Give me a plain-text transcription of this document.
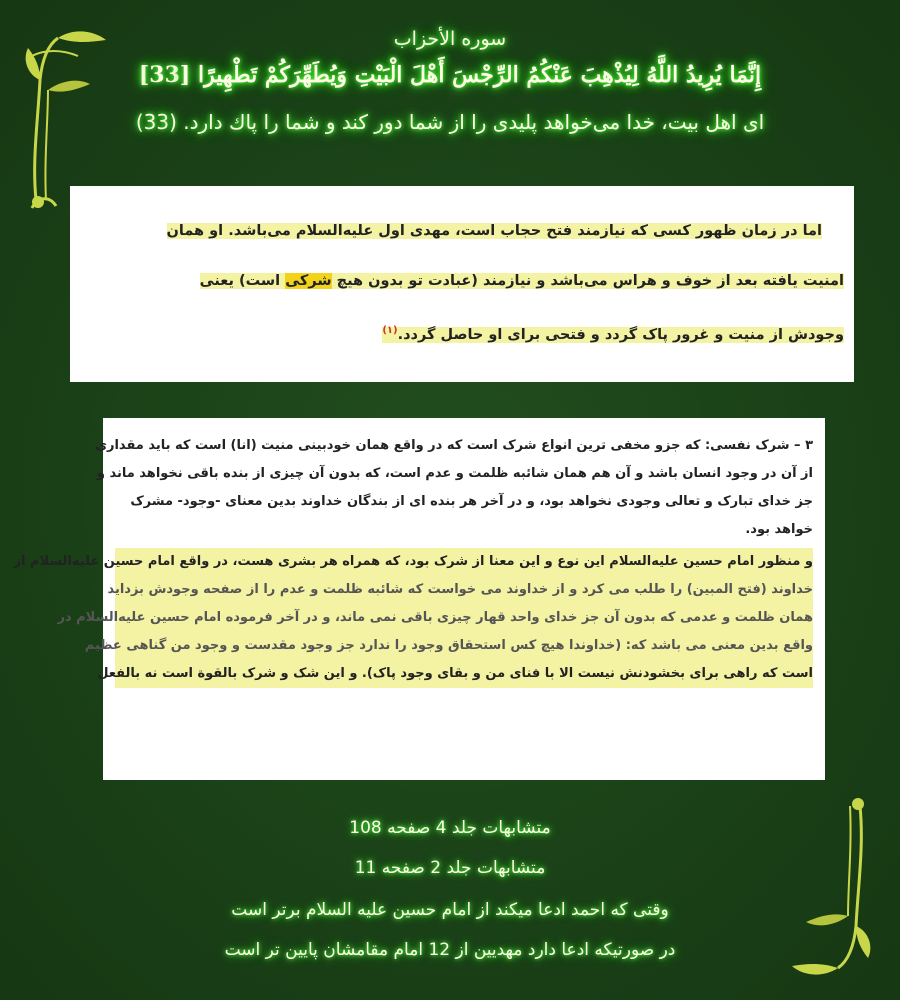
سوره الأحزاب
إِنَّمَا يُرِيدُ اللَّهُ لِيُذْهِبَ عَنْكُمُ الرِّجْسَ أَهْلَ الْبَيْتِ وَيُطَهِّرَكُمْ تَطْهِيرًا [33]
ای اهل بیت، خدا می‌خواهد پلیدی را از شما دور کند و شما را پاك دارد. (33)
اما در زمان ظهور کسی که نیازمند فتح حجاب است، مهدی اول علیه‌السلام می‌باشد. او همان
امنیت یافته بعد از خوف و هراس می‌باشد و نیازمند (عبادت تو بدون هیچ شرکی است) یعنی
وجودش از منیت و غرور پاک گردد و فتحی برای او حاصل گردد.$^{(۱)}$
۳ – شرک نفسی: که جزو مخفی ترین انواع شرک است که در واقع همان خودبینی منیت (انا) است که باید مقداری
از آن در وجود انسان باشد و آن هم همان شائبه ظلمت و عدم است، که بدون آن چیزی از بنده باقی نخواهد ماند و
جز خدای تبارک و تعالی وجودی نخواهد بود، و در آخر هر بنده ای از بندگان خداوند بدین معنای -وجود- مشرک
خواهد بود.
و منظور امام حسین علیه‌السلام این نوع و این معنا از شرک بود، که همراه هر بشری هست، در واقع امام حسین علیه‌السلام از
خداوند (فتح المبین) را طلب می کرد و از خداوند می خواست که شائبه ظلمت و عدم را از صفحه وجودش بزداید
همان ظلمت و عدمی که بدون آن جز خدای واحد قهار چیزی باقی نمی ماند، و در آخر فرموده امام حسین علیه‌السلام در
واقع بدین معنی می باشد که: (خداوندا هیچ کس استحقاق وجود را ندارد جز وجود مقدست و وجود من گناهی عظیم
است که راهی برای بخشودنش نیست الا با فنای من و بقای وجود پاک). و این شک و شرک بالقوة است نه بالفعل
متشابهات جلد 4 صفحه 108
متشابهات جلد 2 صفحه 11
وقتی که احمد ادعا میکند از امام حسین علیه السلام برتر است
در صورتیکه ادعا دارد مهدیین از 12 امام مقامشان پایین تر است
